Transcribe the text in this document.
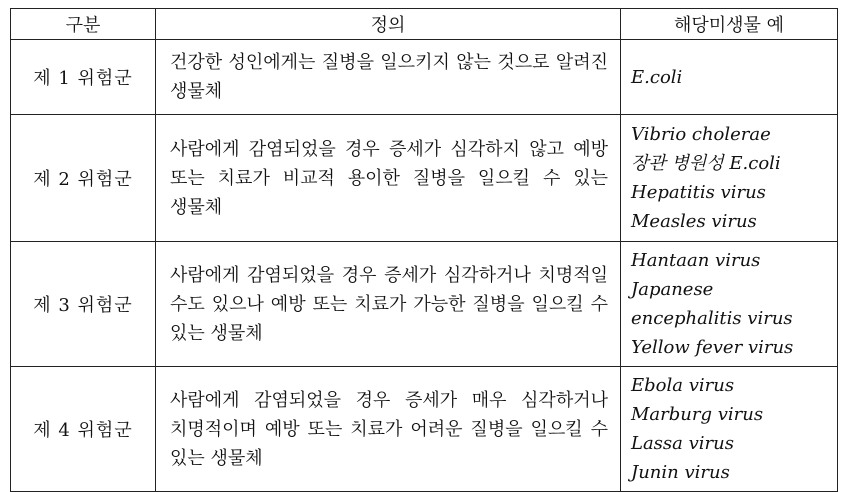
구분	정의	해당미생물 예
제 1 위험군	건강한 성인에게는 질병을 일으키지 않는 것으로 알려진 생물체	E.coli

제 2 위험군	사람에게 감염되었을 경우 증세가 심각하지 않고 예방 또는 치료가 비교적 용이한 질병을 일으킬 수 있는 생물체	Vibrio cholerae
장관 병원성 E.coli
Hepatitis virus
Measles virus

제 3 위험군	사람에게 감염되었을 경우 증세가 심각하거나 치명적일 수도 있으나 예방 또는 치료가 가능한 질병을 일으킬 수 있는 생물체	Hantaan virus
Japanese encephalitis virus
Yellow fever virus

제 4 위험군	사람에게 감염되었을 경우 증세가 매우 심각하거나 치명적이며 예방 또는 치료가 어려운 질병을 일으킬 수 있는 생물체	Ebola virus
Marburg virus
Lassa virus
Junin virus
